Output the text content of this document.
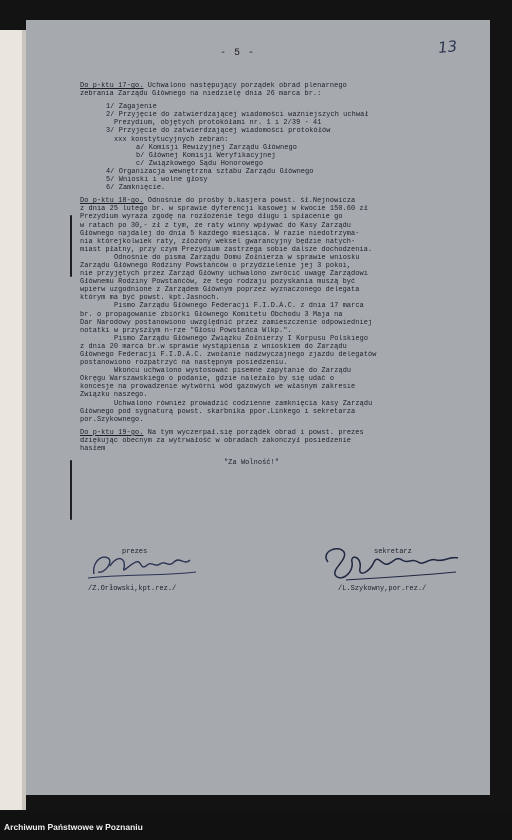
- 5 -	13
Do p-ktu 17-go. Uchwalono następujący porządek obrad plenarnego
zebrania Zarządu Głównego na niedzielę dnia 26 marca br.:
1/ Zagajenie
2/ Przyjęcie do zatwierdzającej wiadomości ważniejszych uchwał
Prezydium, objętych protokółami nr. 1 i 2/39 - 41
3/ Przyjęcie do zatwierdzającej wiadomości protokółów
xxx konstytucyjnych zebrań:
a/ Komisji Rewizyjnej Zarządu Głównego
b/ Głównej Komisji Weryfikacyjnej
c/ Związkowego Sądu Honorowego
4/ Organizacja wewnętrzna sztabu Zarządu Głównego
5/ Wnioski i wolne głosy
6/ Zamknięcie.
Do p-ktu 18-go. Odnośnie do prośby b.kasjera powst. śł.Nejnowicza
z dnia 25 lutego br. w sprawie dyferencji kasowej w kwocie 150.60 zł
Prezydium wyraża zgodę na rozłożenie tego długu i spłacenie go
w ratach po 30,- zł z tym, że raty winny wpływać do Kasy Zarządu
Głównego najdalej do dnia 5 każdego miesiąca. W razie niedotrzyma-
nia którejkolwiek raty, złożony weksel gwarancyjny będzie natych-
miast płatny, przy czym Prezydium zastrzega sobie dalsze dochodzenia.
Odnośnie do pisma Zarządu Domu Żołnierza w sprawie wniosku
Zarządu Głównego Rodziny Powstańców o przydzielenie jej 3 pokoi,
nie przyjętych przez Zarząd Główny uchwalono zwrócić uwagę Zarządowi
Głównemu Rodziny Powstańców, że tego rodzaju pozyskania muszą być
wpierw uzgodnione z Zarządem Głównym poprzez wyznaczonego delegata
którym ma być powst. kpt.Jasnoch.
Pismo Zarządu Głównego Federacji F.I.D.A.C. z dnia 17 marca
br. o propagowanie zbiórki Głównego Komitetu Obchodu 3 Maja na
Dar Narodowy postanowiono uwzględnić przez zamieszczenie odpowiedniej
notatki w przyszłym n-rze "Głosu Powstańca Wlkp.".
Pismo Zarządu Głównego Związku Żołnierzy I Korpusu Polskiego
z dnia 20 marca br.w sprawie wystąpienia z wnioskiem do Zarządu
Głównego Federacji F.I.D.A.C. zwołanie nadzwyczajnego zjazdu delegatów
postanowiono rozpatrzyć na następnym posiedzeniu.
Wkońcu uchwalono wystosować pisemne zapytanie do Zarządu
Okręgu Warszawskiego o podanie, gdzie należało by się udać o
koncesje na prowadzenie wytwórni wód gazowych we własnym zakresie
Związku naszego.
Uchwalono również prowadzić codzienne zamknięcia kasy Zarządu
Głównego pod sygnaturą powst. skarbnika ppor.Linkego i sekretarza
por.Szykownego.
Do p-ktu 19-go. Na tym wyczerpał.się porządek obrad i powst. prezes
dziękując obecnym za wytrwałość w obradach zakończył posiedzenie
hasłem
"Za Wolność!"
prezes
/Z.Orłowski,kpt.rez./
sekretarz
/L.Szykowny,por.rez./
Archiwum Państwowe w Poznaniu
